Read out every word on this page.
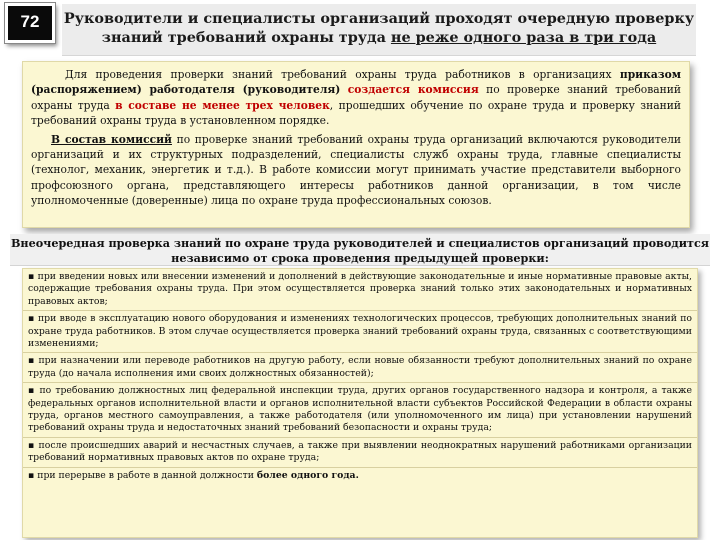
72	Руководители и специалисты организаций проходят очередную проверку знаний требований охраны труда не реже одного раза в три года

Для проведения проверки знаний требований охраны труда работников в организациях приказом (распоряжением) работодателя (руководителя) создается комиссия по проверке знаний требований охраны труда в составе не менее трех человек, прошедших обучение по охране труда и проверку знаний требований охраны труда в установленном порядке.

В состав комиссий по проверке знаний требований охраны труда организаций включаются руководители организаций и их структурных подразделений, специалисты служб охраны труда, главные специалисты (технолог, механик, энергетик и т.д.). В работе комиссии могут принимать участие представители выборного профсоюзного органа, представляющего интересы работников данной организации, в том числе уполномоченные (доверенные) лица по охране труда профессиональных союзов.

Внеочередная проверка знаний по охране труда руководителей и специалистов организаций проводится независимо от срока проведения предыдущей проверки:
▪ при введении новых или внесении изменений и дополнений в действующие законодательные и иные нормативные правовые акты, содержащие требования охраны труда. При этом осуществляется проверка знаний только этих законодательных и нормативных правовых актов;
▪ при вводе в эксплуатацию нового оборудования и изменениях технологических процессов, требующих дополнительных знаний по охране труда работников. В этом случае осуществляется проверка знаний требований охраны труда, связанных с соответствующими изменениями;
▪ при назначении или переводе работников на другую работу, если новые обязанности требуют дополнительных знаний по охране труда (до начала исполнения ими своих должностных обязанностей);
▪ по требованию должностных лиц федеральной инспекции труда, других органов государственного надзора и контроля, а также федеральных органов исполнительной власти и органов исполнительной власти субъектов Российской Федерации в области охраны труда, органов местного самоуправления, а также работодателя (или уполномоченного им лица) при установлении нарушений требований охраны труда и недостаточных знаний требований безопасности и охраны труда;
▪ после происшедших аварий и несчастных случаев, а также при выявлении неоднократных нарушений работниками организации требований нормативных правовых актов по охране труда;
▪ при перерыве в работе в данной должности более одного года.
